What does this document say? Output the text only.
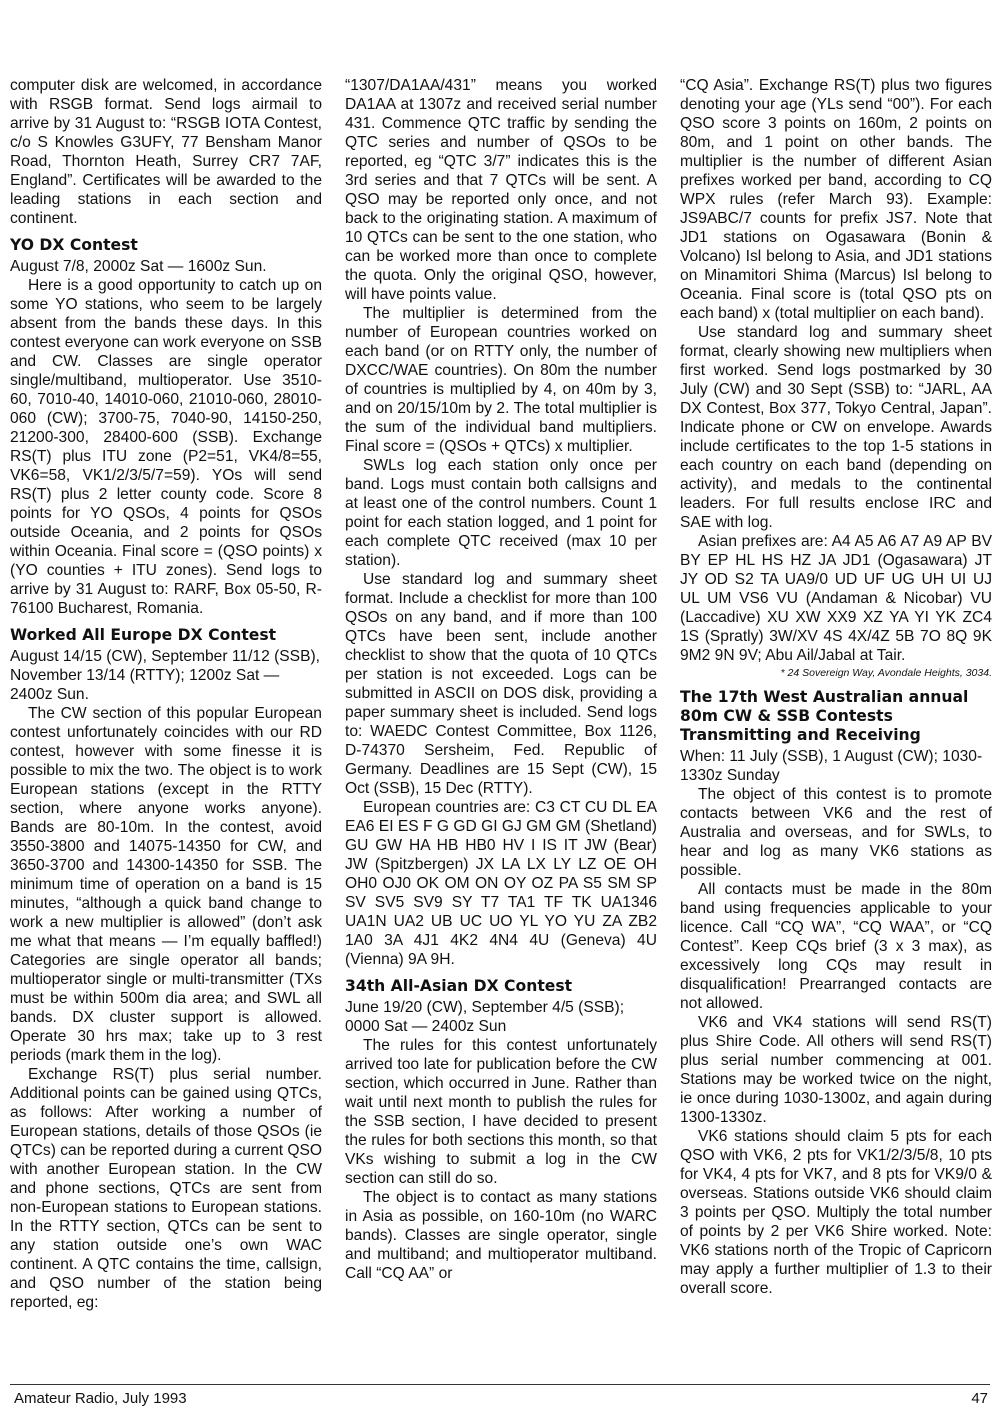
computer disk are welcomed, in accordance with RSGB format. Send logs airmail to arrive by 31 August to: “RSGB IOTA Contest, c/o S Knowles G3UFY, 77 Bensham Manor Road, Thornton Heath, Surrey CR7 7AF, England”. Certificates will be awarded to the leading stations in each section and continent.

YO DX Contest

August 7/8, 2000z Sat — 1600z Sun.

Here is a good opportunity to catch up on some YO stations, who seem to be largely absent from the bands these days. In this contest everyone can work everyone on SSB and CW. Classes are single operator single/multiband, multioperator. Use 3510-60, 7010-40, 14010-060, 21010-060, 28010-060 (CW); 3700-75, 7040-90, 14150-250, 21200-300, 28400-600 (SSB). Exchange RS(T) plus ITU zone (P2=51, VK4/8=55, VK6=58, VK1/2/3/5/7=59). YOs will send RS(T) plus 2 letter county code. Score 8 points for YO QSOs, 4 points for QSOs outside Oceania, and 2 points for QSOs within Oceania. Final score = (QSO points) x (YO counties + ITU zones). Send logs to arrive by 31 August to: RARF, Box 05-50, R-76100 Bucharest, Romania.

Worked All Europe DX Contest

August 14/15 (CW), September 11/12 (SSB), November 13/14 (RTTY); 1200z Sat — 2400z Sun.

The CW section of this popular European contest unfortunately coincides with our RD contest, however with some finesse it is possible to mix the two. The object is to work European stations (except in the RTTY section, where anyone works anyone). Bands are 80-10m. In the contest, avoid 3550-3800 and 14075-14350 for CW, and 3650-3700 and 14300-14350 for SSB. The minimum time of operation on a band is 15 minutes, “although a quick band change to work a new multiplier is allowed” (don’t ask me what that means — I’m equally baffled!) Categories are single operator all bands; multioperator single or multi-transmitter (TXs must be within 500m dia area; and SWL all bands. DX cluster support is allowed. Operate 30 hrs max; take up to 3 rest periods (mark them in the log).

Exchange RS(T) plus serial number. Additional points can be gained using QTCs, as follows: After working a number of European stations, details of those QSOs (ie QTCs) can be reported during a current QSO with another European station. In the CW and phone sections, QTCs are sent from non-European stations to European stations. In the RTTY section, QTCs can be sent to any station outside one’s own WAC continent. A QTC contains the time, callsign, and QSO number of the station being reported, eg:

“1307/DA1AA/431” means you worked DA1AA at 1307z and received serial number 431. Commence QTC traffic by sending the QTC series and number of QSOs to be reported, eg “QTC 3/7” indicates this is the 3rd series and that 7 QTCs will be sent. A QSO may be reported only once, and not back to the originating station. A maximum of 10 QTCs can be sent to the one station, who can be worked more than once to complete the quota. Only the original QSO, however, will have points value.

The multiplier is determined from the number of European countries worked on each band (or on RTTY only, the number of DXCC/WAE countries). On 80m the number of countries is multiplied by 4, on 40m by 3, and on 20/15/10m by 2. The total multiplier is the sum of the individual band multipliers. Final score = (QSOs + QTCs) x multiplier.

SWLs log each station only once per band. Logs must contain both callsigns and at least one of the control numbers. Count 1 point for each station logged, and 1 point for each complete QTC received (max 10 per station).

Use standard log and summary sheet format. Include a checklist for more than 100 QSOs on any band, and if more than 100 QTCs have been sent, include another checklist to show that the quota of 10 QTCs per station is not exceeded. Logs can be submitted in ASCII on DOS disk, providing a paper summary sheet is included. Send logs to: WAEDC Contest Committee, Box 1126, D-74370 Sersheim, Fed. Republic of Germany. Deadlines are 15 Sept (CW), 15 Oct (SSB), 15 Dec (RTTY).

European countries are: C3 CT CU DL EA EA6 EI ES F G GD GI GJ GM GM (Shetland) GU GW HA HB HB0 HV I IS IT JW (Bear) JW (Spitzbergen) JX LA LX LY LZ OE OH OH0 OJ0 OK OM ON OY OZ PA S5 SM SP SV SV5 SV9 SY T7 TA1 TF TK UA1346 UA1N UA2 UB UC UO YL YO YU ZA ZB2 1A0 3A 4J1 4K2 4N4 4U (Geneva) 4U (Vienna) 9A 9H.

34th All-Asian DX Contest

June 19/20 (CW), September 4/5 (SSB); 0000 Sat — 2400z Sun

The rules for this contest unfortunately arrived too late for publication before the CW section, which occurred in June. Rather than wait until next month to publish the rules for the SSB section, I have decided to present the rules for both sections this month, so that VKs wishing to submit a log in the CW section can still do so.

The object is to contact as many stations in Asia as possible, on 160-10m (no WARC bands). Classes are single operator, single and multiband; and multioperator multiband. Call “CQ AA” or

“CQ Asia”. Exchange RS(T) plus two figures denoting your age (YLs send “00”). For each QSO score 3 points on 160m, 2 points on 80m, and 1 point on other bands. The multiplier is the number of different Asian prefixes worked per band, according to CQ WPX rules (refer March 93). Example: JS9ABC/7 counts for prefix JS7. Note that JD1 stations on Ogasawara (Bonin & Volcano) Isl belong to Asia, and JD1 stations on Minamitori Shima (Marcus) Isl belong to Oceania. Final score is (total QSO pts on each band) x (total multiplier on each band).

Use standard log and summary sheet format, clearly showing new multipliers when first worked. Send logs postmarked by 30 July (CW) and 30 Sept (SSB) to: “JARL, AA DX Contest, Box 377, Tokyo Central, Japan”. Indicate phone or CW on envelope. Awards include certificates to the top 1-5 stations in each country on each band (depending on activity), and medals to the continental leaders. For full results enclose IRC and SAE with log.

Asian prefixes are: A4 A5 A6 A7 A9 AP BV BY EP HL HS HZ JA JD1 (Ogasawara) JT JY OD S2 TA UA9/0 UD UF UG UH UI UJ UL UM VS6 VU (Andaman & Nicobar) VU (Laccadive) XU XW XX9 XZ YA YI YK ZC4 1S (Spratly) 3W/XV 4S 4X/4Z 5B 7O 8Q 9K 9M2 9N 9V; Abu Ail/Jabal at Tair.

* 24 Sovereign Way, Avondale Heights, 3034.

The 17th West Australian annual 80m CW & SSB Contests Transmitting and Receiving

When: 11 July (SSB), 1 August (CW); 1030-1330z Sunday

The object of this contest is to promote contacts between VK6 and the rest of Australia and overseas, and for SWLs, to hear and log as many VK6 stations as possible.

All contacts must be made in the 80m band using frequencies applicable to your licence. Call “CQ WA”, “CQ WAA”, or “CQ Contest”. Keep CQs brief (3 x 3 max), as excessively long CQs may result in disqualification! Prearranged contacts are not allowed.

VK6 and VK4 stations will send RS(T) plus Shire Code. All others will send RS(T) plus serial number commencing at 001. Stations may be worked twice on the night, ie once during 1030-1300z, and again during 1300-1330z.

VK6 stations should claim 5 pts for each QSO with VK6, 2 pts for VK1/2/3/5/8, 10 pts for VK4, 4 pts for VK7, and 8 pts for VK9/0 & overseas. Stations outside VK6 should claim 3 points per QSO. Multiply the total number of points by 2 per VK6 Shire worked. Note: VK6 stations north of the Tropic of Capricorn may apply a further multiplier of 1.3 to their overall score.

Amateur Radio, July 1993	47
